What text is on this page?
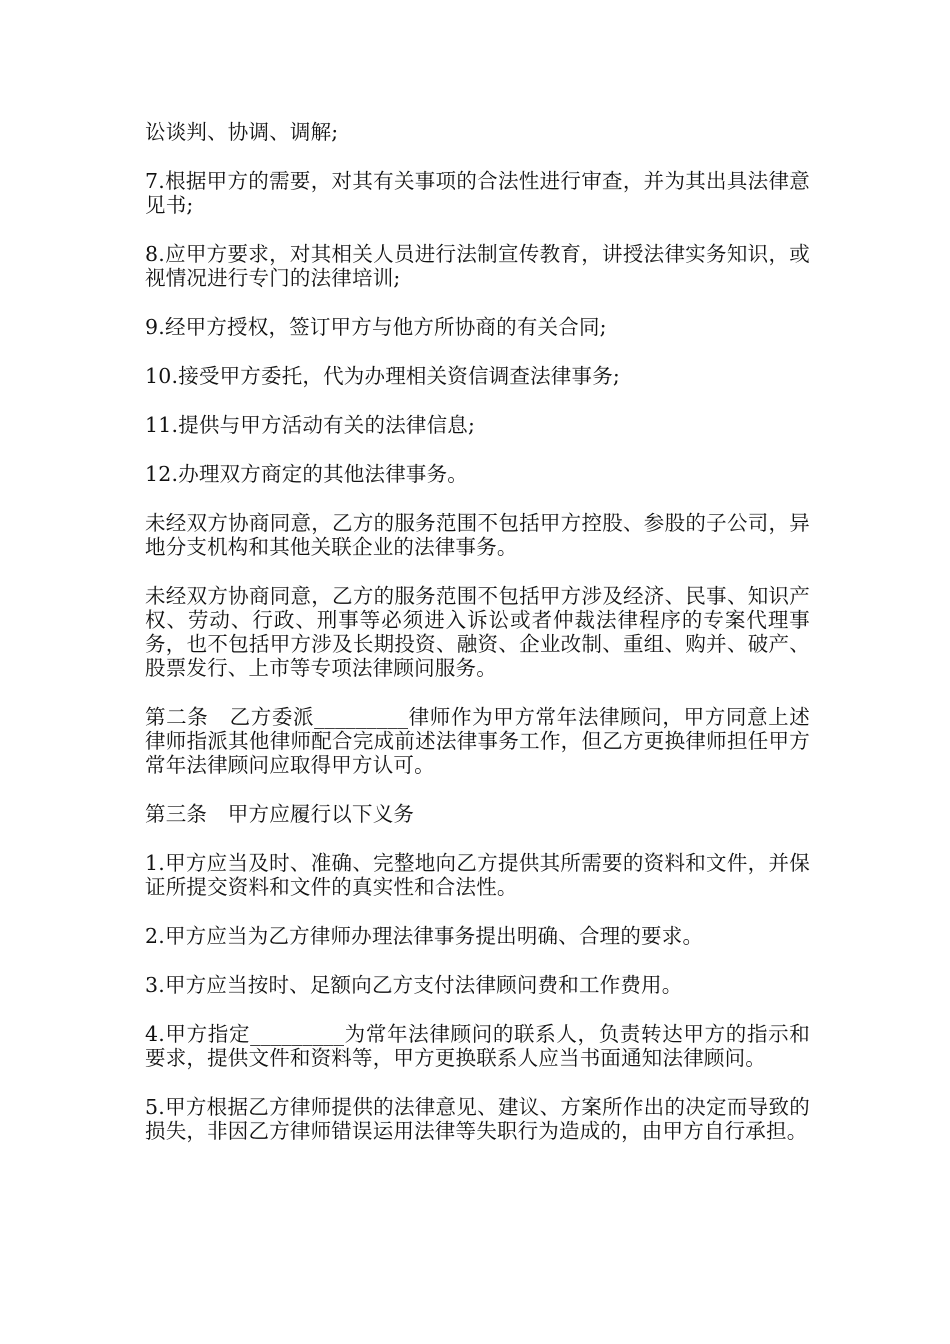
讼谈判、协调、调解;

7.根据甲方的需要，对其有关事项的合法性进行审查，并为其出具法律意见书;

8.应甲方要求，对其相关人员进行法制宣传教育，讲授法律实务知识，或视情况进行专门的法律培训;

9.经甲方授权，签订甲方与他方所协商的有关合同;

10.接受甲方委托，代为办理相关资信调查法律事务;

11.提供与甲方活动有关的法律信息;

12.办理双方商定的其他法律事务。

未经双方协商同意，乙方的服务范围不包括甲方控股、参股的子公司，异地分支机构和其他关联企业的法律事务。

未经双方协商同意，乙方的服务范围不包括甲方涉及经济、民事、知识产权、劳动、行政、刑事等必须进入诉讼或者仲裁法律程序的专案代理事务，也不包括甲方涉及长期投资、融资、企业改制、重组、购并、破产、股票发行、上市等专项法律顾问服务。

第二条　乙方委派_________律师作为甲方常年法律顾问，甲方同意上述律师指派其他律师配合完成前述法律事务工作，但乙方更换律师担任甲方常年法律顾问应取得甲方认可。

第三条　甲方应履行以下义务

1.甲方应当及时、准确、完整地向乙方提供其所需要的资料和文件，并保证所提交资料和文件的真实性和合法性。

2.甲方应当为乙方律师办理法律事务提出明确、合理的要求。

3.甲方应当按时、足额向乙方支付法律顾问费和工作费用。

4.甲方指定_________为常年法律顾问的联系人，负责转达甲方的指示和要求，提供文件和资料等，甲方更换联系人应当书面通知法律顾问。

5.甲方根据乙方律师提供的法律意见、建议、方案所作出的决定而导致的损失，非因乙方律师错误运用法律等失职行为造成的，由甲方自行承担。
